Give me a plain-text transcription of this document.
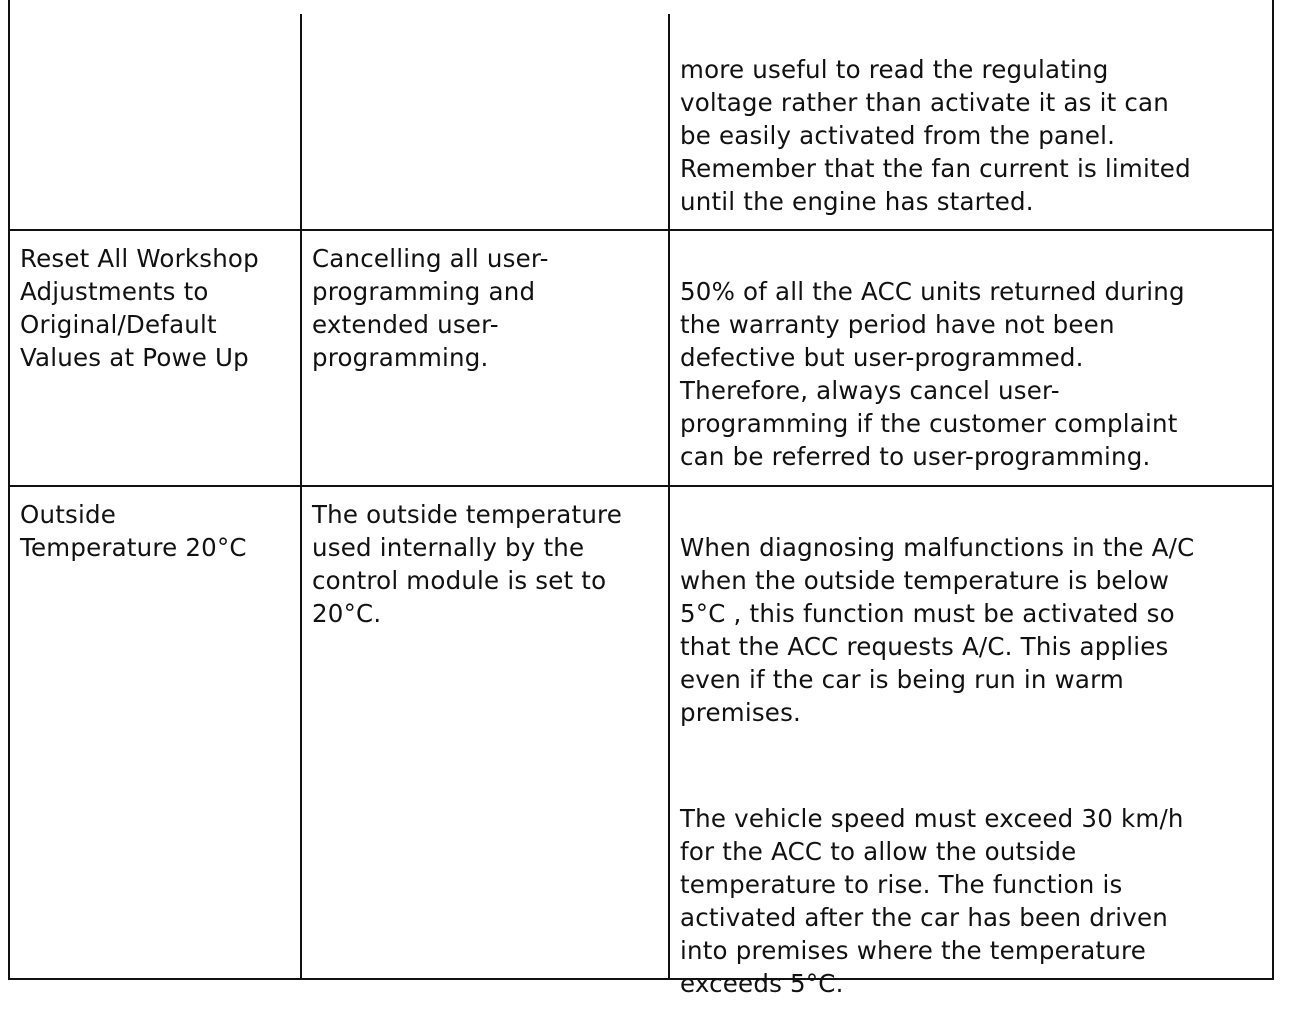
more useful to read the regulating
voltage rather than activate it as it can
be easily activated from the panel.
Remember that the fan current is limited
until the engine has started.

Reset All Workshop
Adjustments to
Original/Default
Values at Powe Up
Cancelling all user-
programming and
extended user-
programming.

50% of all the ACC units returned during
the warranty period have not been
defective but user-programmed.
Therefore, always cancel user-
programming if the customer complaint
can be referred to user-programming.

Outside
Temperature 20°C
The outside temperature
used internally by the
control module is set to
20°C.

When diagnosing malfunctions in the A/C
when the outside temperature is below
5°C , this function must be activated so
that the ACC requests A/C. This applies
even if the car is being run in warm
premises.

The vehicle speed must exceed 30 km/h
for the ACC to allow the outside
temperature to rise. The function is
activated after the car has been driven
into premises where the temperature
exceeds 5°C.
